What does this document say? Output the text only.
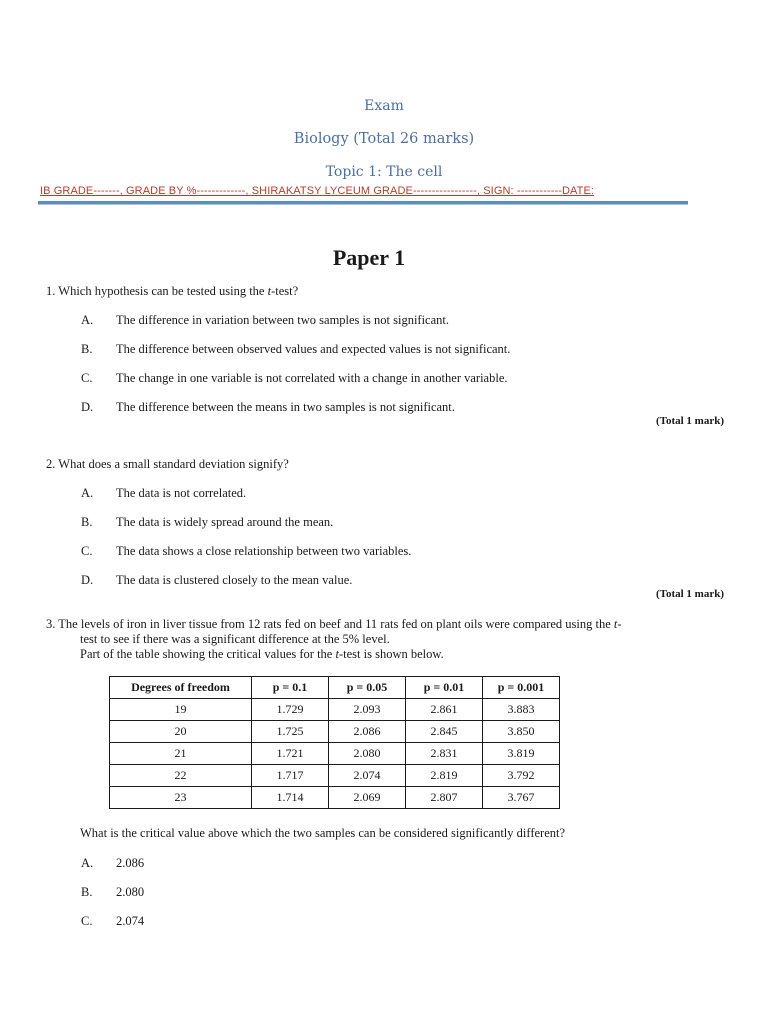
Exam
Biology (Total 26 marks)
Topic 1: The cell
IB GRADE-------, GRADE BY %-------------, SHIRAKATSY LYCEUM GRADE-----------------, SIGN: ------------DATE:
Paper 1
1. Which hypothesis can be tested using the t-test?
A. The difference in variation between two samples is not significant.
B. The difference between observed values and expected values is not significant.
C. The change in one variable is not correlated with a change in another variable.
D. The difference between the means in two samples is not significant.
(Total 1 mark)
2. What does a small standard deviation signify?
A. The data is not correlated.
B. The data is widely spread around the mean.
C. The data shows a close relationship between two variables.
D. The data is clustered closely to the mean value.
(Total 1 mark)
3. The levels of iron in liver tissue from 12 rats fed on beef and 11 rats fed on plant oils were compared using the t-
test to see if there was a significant difference at the 5% level.
Part of the table showing the critical values for the t-test is shown below.
Degrees of freedom	p = 0.1	p = 0.05	p = 0.01	p = 0.001
19	1.729	2.093	2.861	3.883
20	1.725	2.086	2.845	3.850
21	1.721	2.080	2.831	3.819
22	1.717	2.074	2.819	3.792
23	1.714	2.069	2.807	3.767
What is the critical value above which the two samples can be considered significantly different?
A. 2.086
B. 2.080
C. 2.074
